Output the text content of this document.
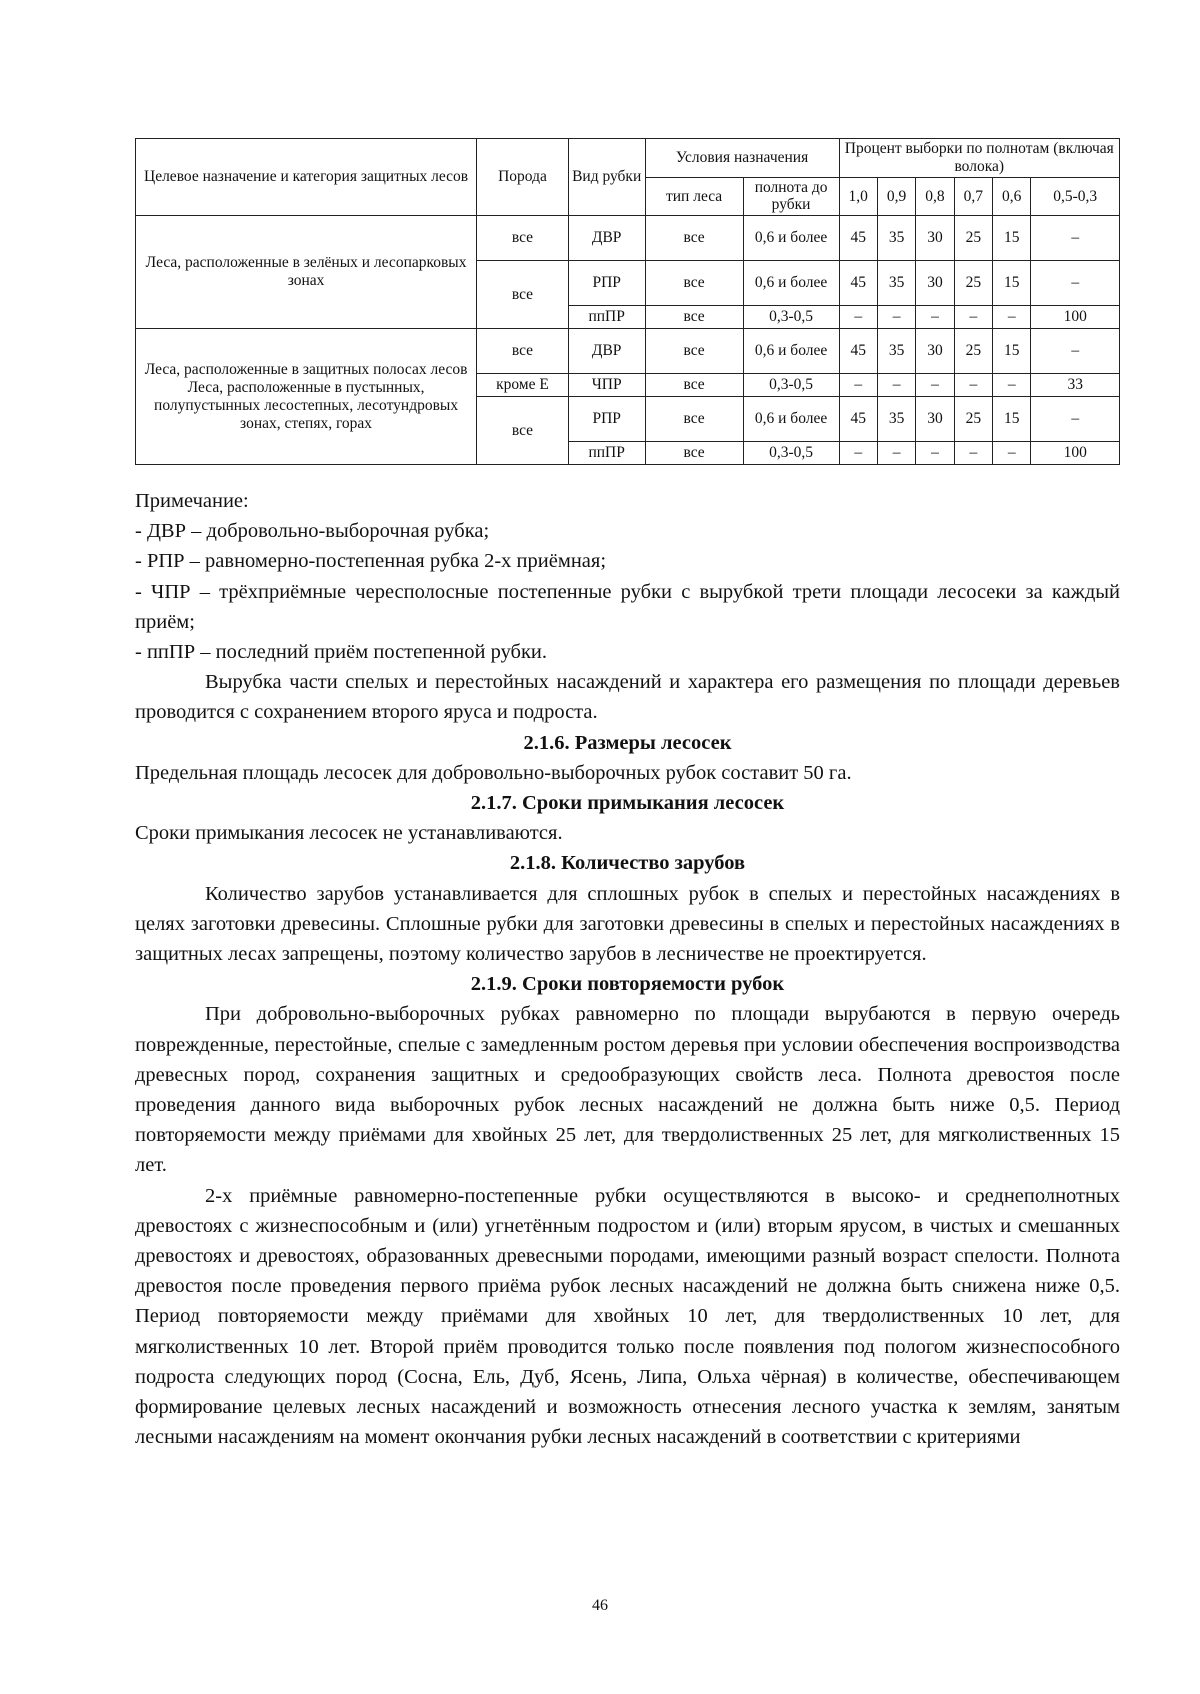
Целевое назначение и категория защитных лесов	Порода	Вид рубки	Условия назначения		Процент выборки по полнотам (включая волока)					
			тип леса	полнота до рубки	1,0	0,9	0,8	0,7	0,6	0,5-0,3
Леса, расположенные в зелёных и лесопарковых зонах	все	ДВР	все	0,6 и более	45	35	30	25	15	–
	все	РПР	все	0,6 и более	45	35	30	25	15	–
		ппПР	все	0,3-0,5	–	–	–	–	–	100
Леса, расположенные в защитных полосах лесов Леса, расположенные в пустынных, полупустынных лесостепных, лесотундровых зонах, степях, горах	все	ДВР	все	0,6 и более	45	35	30	25	15	–
	кроме Е	ЧПР	все	0,3-0,5	–	–	–	–	–	33
	все	РПР	все	0,6 и более	45	35	30	25	15	–
		ппПР	все	0,3-0,5	–	–	–	–	–	100

Примечание:

- ДВР – добровольно-выборочная рубка;

- РПР – равномерно-постепенная рубка 2-х приёмная;

- ЧПР – трёхприёмные чересполосные постепенные рубки с вырубкой трети площади лесосеки за каждый приём;

- ппПР – последний приём постепенной рубки.

Вырубка части спелых и перестойных насаждений и характера его размещения по площади деревьев проводится с сохранением второго яруса и подроста.

2.1.6. Размеры лесосек

Предельная площадь лесосек для добровольно-выборочных рубок составит 50 га.

2.1.7. Сроки примыкания лесосек

Сроки примыкания лесосек не устанавливаются.

2.1.8. Количество зарубов

Количество зарубов устанавливается для сплошных рубок в спелых и перестойных насаждениях в целях заготовки древесины. Сплошные рубки для заготовки древесины в спелых и перестойных насаждениях в защитных лесах запрещены, поэтому количество зарубов в лесничестве не проектируется.

2.1.9. Сроки повторяемости рубок

При добровольно-выборочных рубках равномерно по площади вырубаются в первую очередь поврежденные, перестойные, спелые с замедленным ростом деревья при условии обеспечения воспроизводства древесных пород, сохранения защитных и средообразующих свойств леса. Полнота древостоя после проведения данного вида выборочных рубок лесных насаждений не должна быть ниже 0,5. Период повторяемости между приёмами для хвойных 25 лет, для твердолиственных 25 лет, для мягколиственных 15 лет.

2-х приёмные равномерно-постепенные рубки осуществляются в высоко- и среднеполнотных древостоях с жизнеспособным и (или) угнетённым подростом и (или) вторым ярусом, в чистых и смешанных древостоях и древостоях, образованных древесными породами, имеющими разный возраст спелости. Полнота древостоя после проведения первого приёма рубок лесных насаждений не должна быть снижена ниже 0,5. Период повторяемости между приёмами для хвойных 10 лет, для твердолиственных 10 лет, для мягколиственных 10 лет. Второй приём проводится только после появления под пологом жизнеспособного подроста следующих пород (Сосна, Ель, Дуб, Ясень, Липа, Ольха чёрная) в количестве, обеспечивающем формирование целевых лесных насаждений и возможность отнесения лесного участка к землям, занятым лесными насаждениям на момент окончания рубки лесных насаждений в соответствии с критериями

46
